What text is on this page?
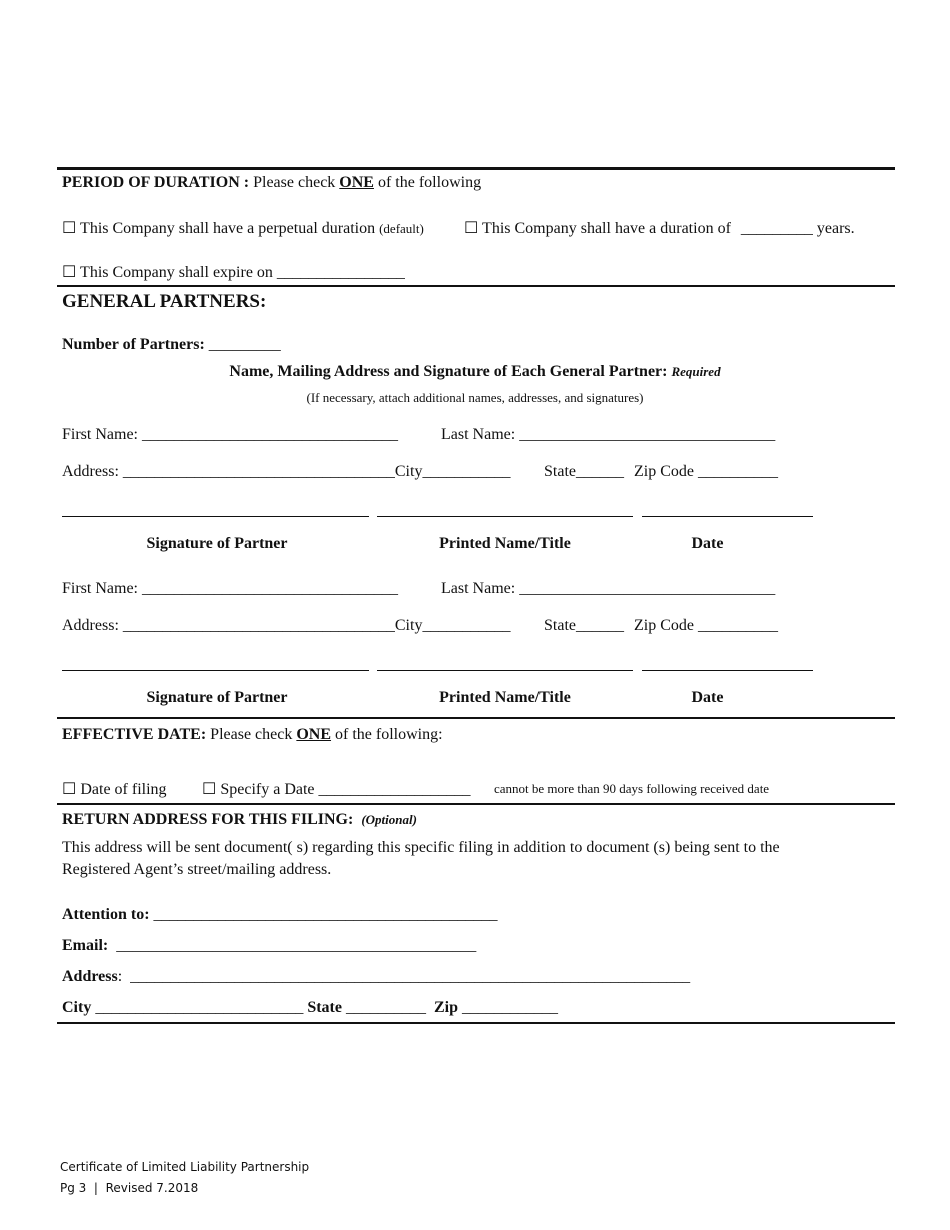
PERIOD OF DURATION : Please check ONE of the following
☐ This Company shall have a perpetual duration (default)	☐ This Company shall have a duration of _________ years.
☐ This Company shall expire on ________________
GENERAL PARTNERS:
Number of Partners: _________
Name, Mailing Address and Signature of Each General Partner: Required
(If necessary, attach additional names, addresses, and signatures)
First Name: ________________________________	Last Name: ________________________________
Address: __________________________________City___________ State______ Zip Code __________
Signature of Partner	Printed Name/Title	Date
First Name: ________________________________	Last Name: ________________________________
Address: __________________________________City___________ State______ Zip Code __________
Signature of Partner	Printed Name/Title	Date
EFFECTIVE DATE: Please check ONE of the following:
☐ Date of filing ☐ Specify a Date ___________________ cannot be more than 90 days following received date
RETURN ADDRESS FOR THIS FILING: (Optional)
This address will be sent document( s) regarding this specific filing in addition to document (s) being sent to the
Registered Agent’s street/mailing address.
Attention to: ___________________________________________
Email: _____________________________________________
Address: ______________________________________________________________________
City __________________________ State __________ Zip ____________
Certificate of Limited Liability Partnership
Pg 3  |  Revised 7.2018
